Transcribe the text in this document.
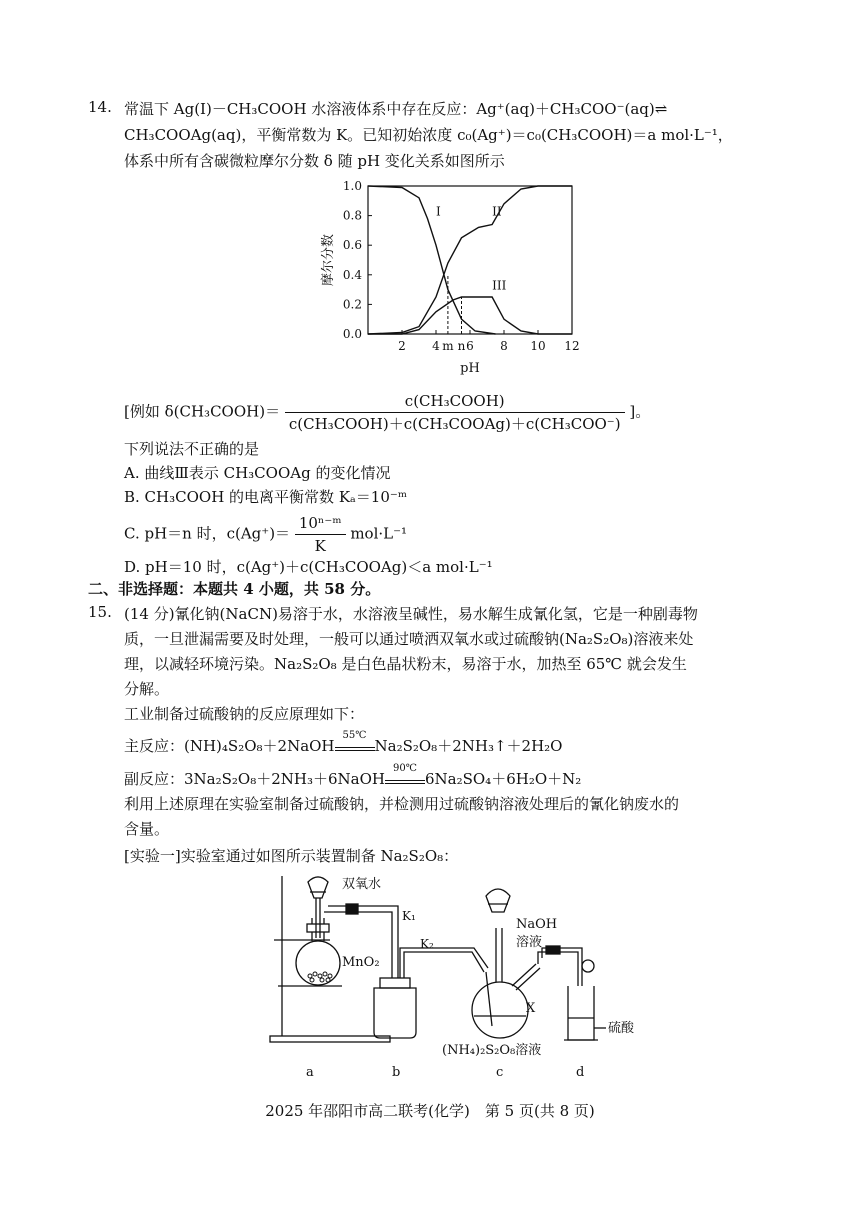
14. 常温下 Ag(I)－CH₃COOH 水溶液体系中存在反应：Ag⁺(aq)＋CH₃COO⁻(aq)⇌
CH₃COOAg(aq)，平衡常数为 K。已知初始浓度 c₀(Ag⁺)＝c₀(CH₃COOH)＝a mol·L⁻¹，
体系中所有含碳微粒摩尔分数 δ 随 pH 变化关系如图所示
2 4 6 8 10 12
0.0
0.2
0.4
0.6
0.8
1.0
m n
pH
摩尔分数
I	II
III
[例如 δ(CH₃COOH)＝ $\frac{\text{c(CH₃COOH)}}{\text{c(CH₃COOH)＋c(CH₃COOAg)＋c(CH₃COO⁻)}}$ ]。
下列说法不正确的是
A. 曲线Ⅲ表示 CH₃COOAg 的变化情况
B. CH₃COOH 的电离平衡常数 Kₐ＝10⁻ᵐ
C. pH＝n 时，$c(Ag^+)= \frac{\text{10ⁿ⁻ᵐ}}{K} mol\cdot L^{-1}$
D. pH＝10 时，c(Ag⁺)＋c(CH₃COOAg)＜a mol·L⁻¹
二、非选择题：本题共 4 小题，共 58 分。
15. (14 分)氰化钠(NaCN)易溶于水，水溶液呈碱性，易水解生成氰化氢，它是一种剧毒物
质，一旦泄漏需要及时处理，一般可以通过喷洒双氧水或过硫酸钠(Na₂S₂O₈)溶液来处
理，以减轻环境污染。Na₂S₂O₈ 是白色晶状粉末，易溶于水，加热至 65℃ 就会发生
分解。
工业制备过硫酸钠的反应原理如下：
主反应：(NH)₄S₂O₈＋2NaOH
55℃
Na₂S₂O₈＋2NH₃↑＋2H₂O
副反应：3Na₂S₂O₈＋2NH₃＋6NaOH
90℃
6Na₂SO₄＋6H₂O＋N₂
利用上述原理在实验室制备过硫酸钠，并检测用过硫酸钠溶液处理后的氰化钠废水的
含量。
[实验一]实验室通过如图所示装置制备 Na₂S₂O₈：
双氧水
MnO₂
K₁
K₂
NaOH
溶液
X
(NH₄)₂S₂O₈溶液
硫酸
a	b	c	d
2025 年邵阳市高二联考(化学)　第 5 页(共 8 页)
